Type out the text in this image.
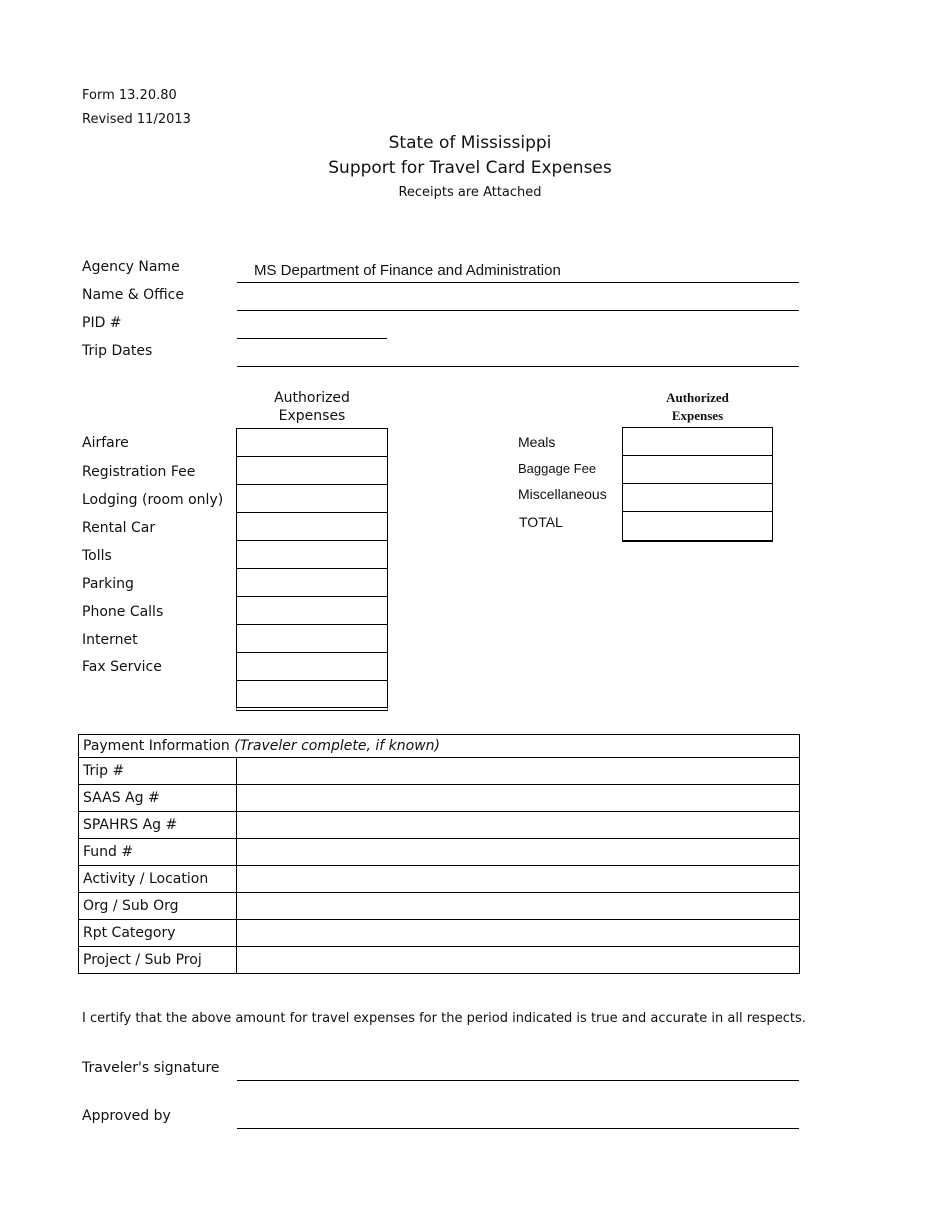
Form 13.20.80
Revised 11/2013
State of Mississippi
Support for Travel Card Expenses
Receipts are Attached
Agency Name	MS Department of Finance and Administration
Name & Office
PID #
Trip Dates
Authorized
Expenses
Airfare
Registration Fee
Lodging (room only)
Rental Car
Tolls
Parking
Phone Calls
Internet
Fax Service
Authorized
Expenses
Meals
Baggage Fee
Miscellaneous
TOTAL
Payment Information (Traveler complete, if known)	
Trip #	
SAAS Ag #	
SPAHRS Ag #	
Fund #	
Activity / Location	
Org / Sub Org	
Rpt Category	
Project / Sub Proj	
I certify that the above amount for travel expenses for the period indicated is true and accurate in all respects.
Traveler's signature
Approved by
